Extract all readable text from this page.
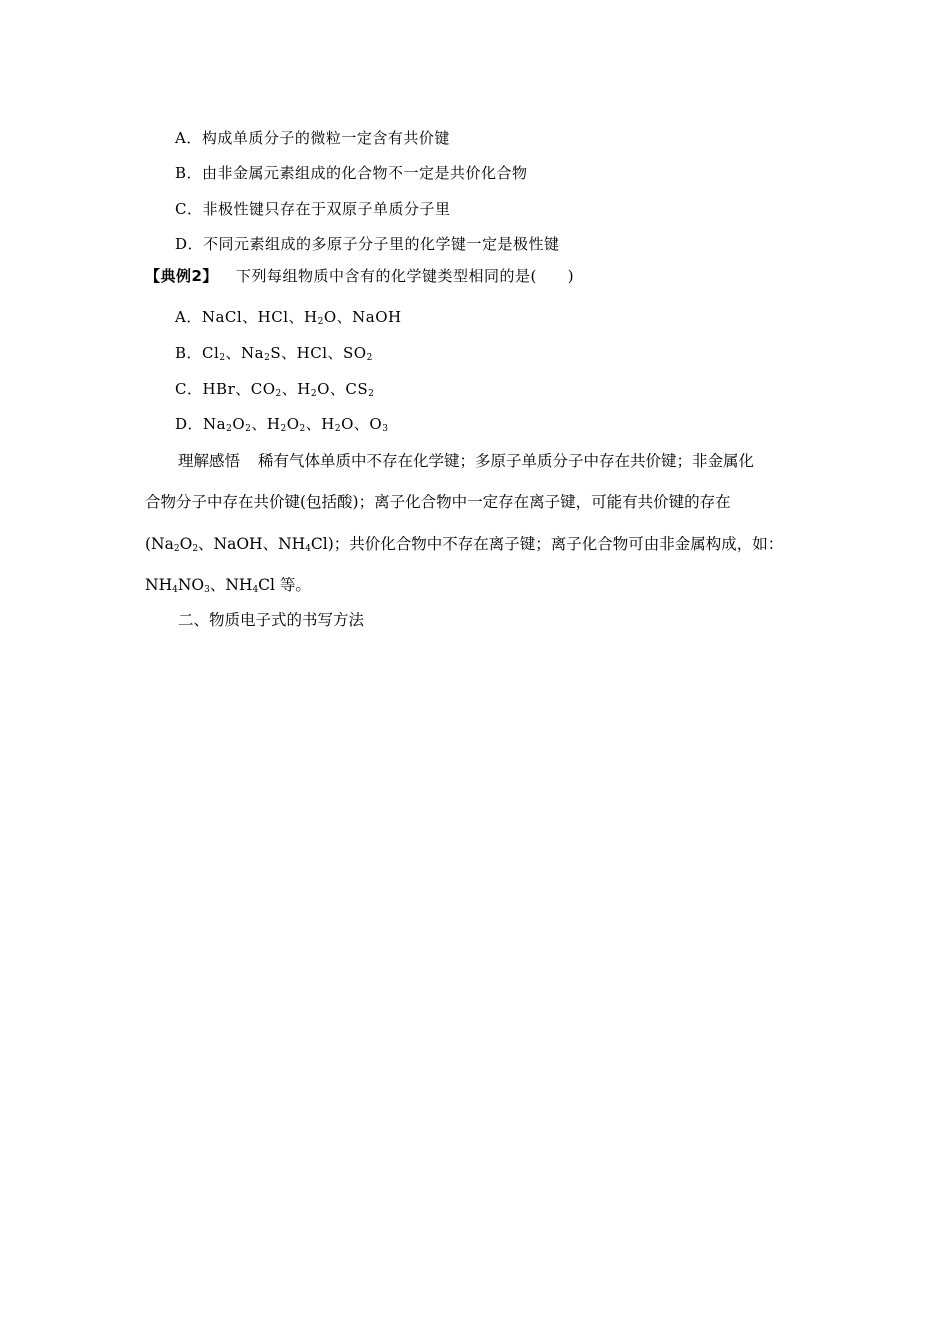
A．构成单质分子的微粒一定含有共价键
B．由非金属元素组成的化合物不一定是共价化合物
C．非极性键只存在于双原子单质分子里
D．不同元素组成的多原子分子里的化学键一定是极性键
【典例2】 下列每组物质中含有的化学键类型相同的是(　　)
A．NaCl、HCl、$H_2O$、NaOH
B．$Cl_2$、$Na_2S$、HCl、$SO_2$
C．HBr、$CO_2$、$H_2O$、$CS_2$
D．$Na_2O_2$、$H_2O_2$、$H_2O$、$O_3$
理解感悟 稀有气体单质中不存在化学键；多原子单质分子中存在共价键；非金属化
合物分子中存在共价键(包括酸)；离子化合物中一定存在离子键，可能有共价键的存在
($Na_2O_2$、NaOH、$NH_4Cl$)；共价化合物中不存在离子键；离子化合物可由非金属构成，如：
$NH_4NO_3$、$NH_4Cl$ 等。
二、物质电子式的书写方法
